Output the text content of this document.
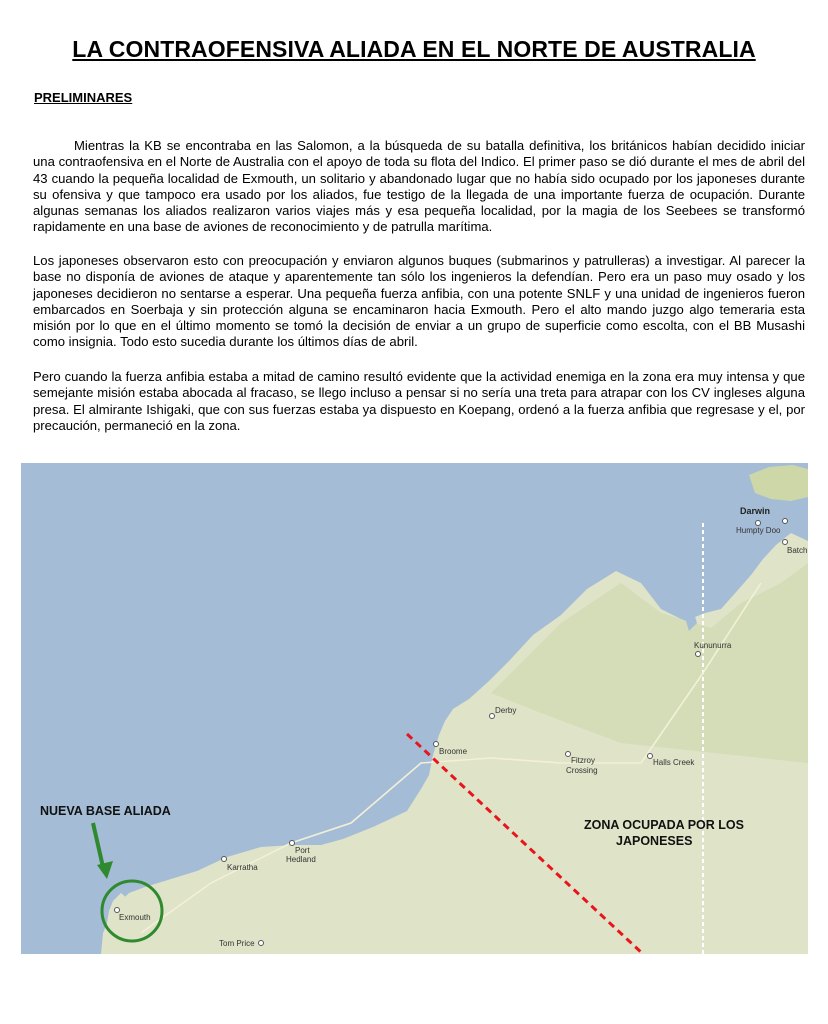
LA CONTRAOFENSIVA ALIADA EN EL NORTE DE AUSTRALIA
PRELIMINARES

Mientras la KB se encontraba en las Salomon, a la búsqueda de su batalla definitiva, los británicos habían decidido iniciar una contraofensiva en el Norte de Australia con el apoyo de toda su flota del Indico. El primer paso se dió durante el mes de abril del 43 cuando la pequeña localidad de Exmouth, un solitario y abandonado lugar que no había sido ocupado por los japoneses durante su ofensiva y que tampoco era usado por los aliados, fue testigo de la llegada de una importante fuerza de ocupación. Durante algunas semanas los aliados realizaron varios viajes más y esa pequeña localidad, por la magia de los Seebees se transformó rapidamente en una base de aviones de reconocimiento y de patrulla marítima.

Los japoneses observaron esto con preocupación y enviaron algunos buques (submarinos y patrulleras) a investigar. Al parecer la base no disponía de aviones de ataque y aparentemente tan sólo los ingenieros la defendían. Pero era un paso muy osado y los japoneses decidieron no sentarse a esperar. Una pequeña fuerza anfibia, con una potente SNLF y una unidad de ingenieros fueron embarcados en Soerbaja y sin protección alguna se encaminaron hacia Exmouth. Pero el alto mando juzgo algo temeraria esta misión por lo que en el último momento se tomó la decisión de enviar a un grupo de superficie como escolta, con el BB Musashi como insignia. Todo esto sucedia durante los últimos días de abril.

Pero cuando la fuerza anfibia estaba a mitad de camino resultó evidente que la actividad enemiga en la zona era muy intensa y que semejante misión estaba abocada al fracaso, se llego incluso a pensar si no sería una treta para atrapar con los CV ingleses alguna presa. El almirante Ishigaki, que con sus fuerzas estaba ya dispuesto en Koepang, ordenó a la fuerza anfibia que regresase y el, por precaución, permaneció en la zona.

Darwin
Humpty Doo
Batch
Kununurra
Derby
Broome
Fitzroy
Crossing
Halls Creek
Port
Hedland
Karratha
Exmouth
Tom Price
NUEVA BASE ALIADA
ZONA OCUPADA POR LOS
JAPONESES
